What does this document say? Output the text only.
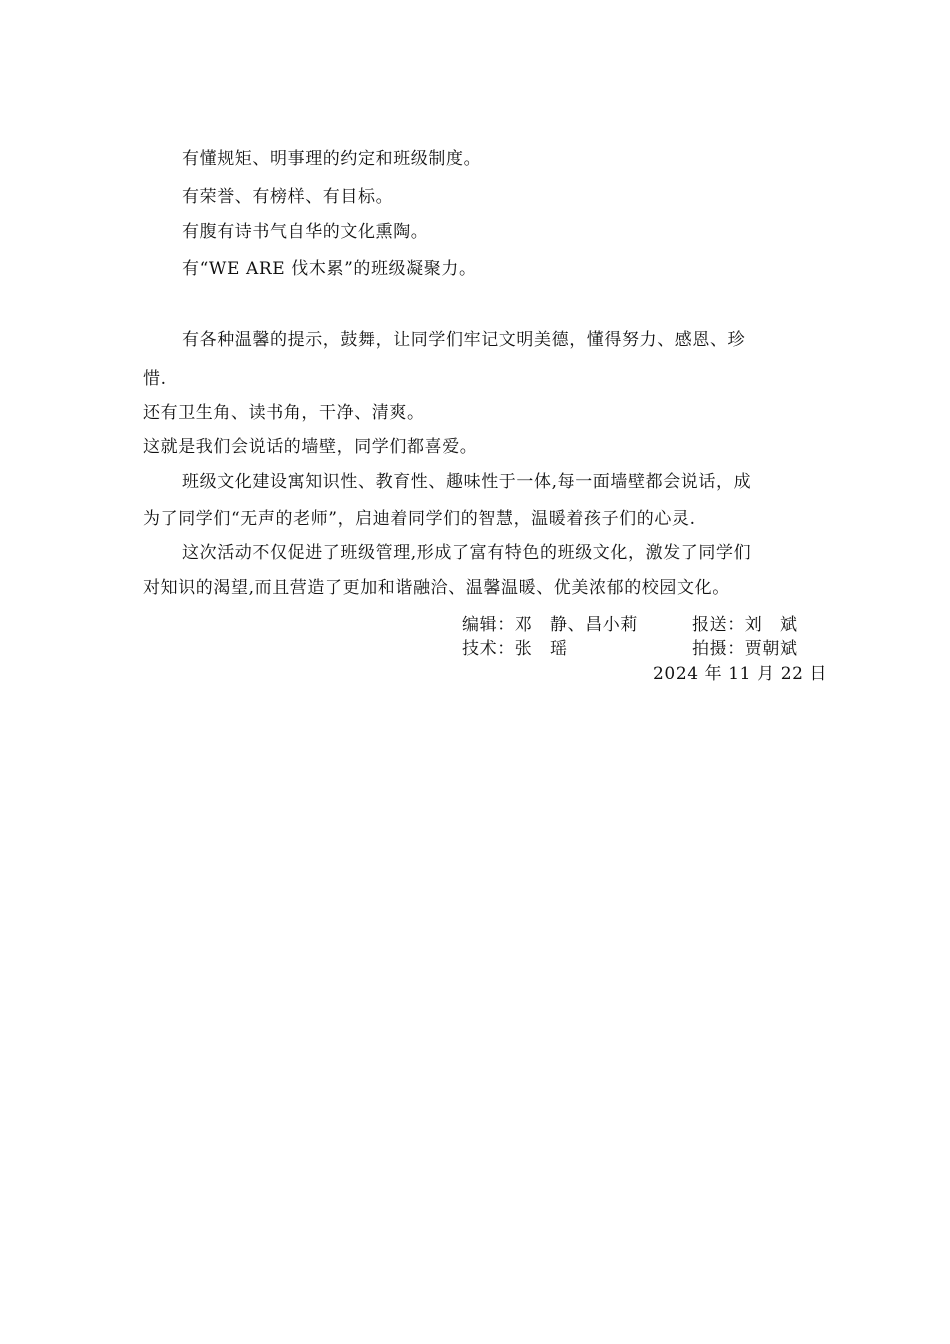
有懂规矩、明事理的约定和班级制度。
有荣誉、有榜样、有目标。
有腹有诗书气自华的文化熏陶。
有“WE ARE 伐木累”的班级凝聚力。
有各种温馨的提示，鼓舞，让同学们牢记文明美德，懂得努力、感恩、珍
惜.
还有卫生角、读书角，干净、清爽。
这就是我们会说话的墙壁，同学们都喜爱。
班级文化建设寓知识性、教育性、趣味性于一体,每一面墙壁都会说话，成
为了同学们“无声的老师”，启迪着同学们的智慧，温暖着孩子们的心灵.
这次活动不仅促进了班级管理,形成了富有特色的班级文化，激发了同学们
对知识的渴望,而且营造了更加和谐融洽、温馨温暖、优美浓郁的校园文化。
编辑：邓　静、昌小莉	报送：刘　斌
技术：张　瑶	拍摄：贾朝斌
2024 年 11 月 22 日
